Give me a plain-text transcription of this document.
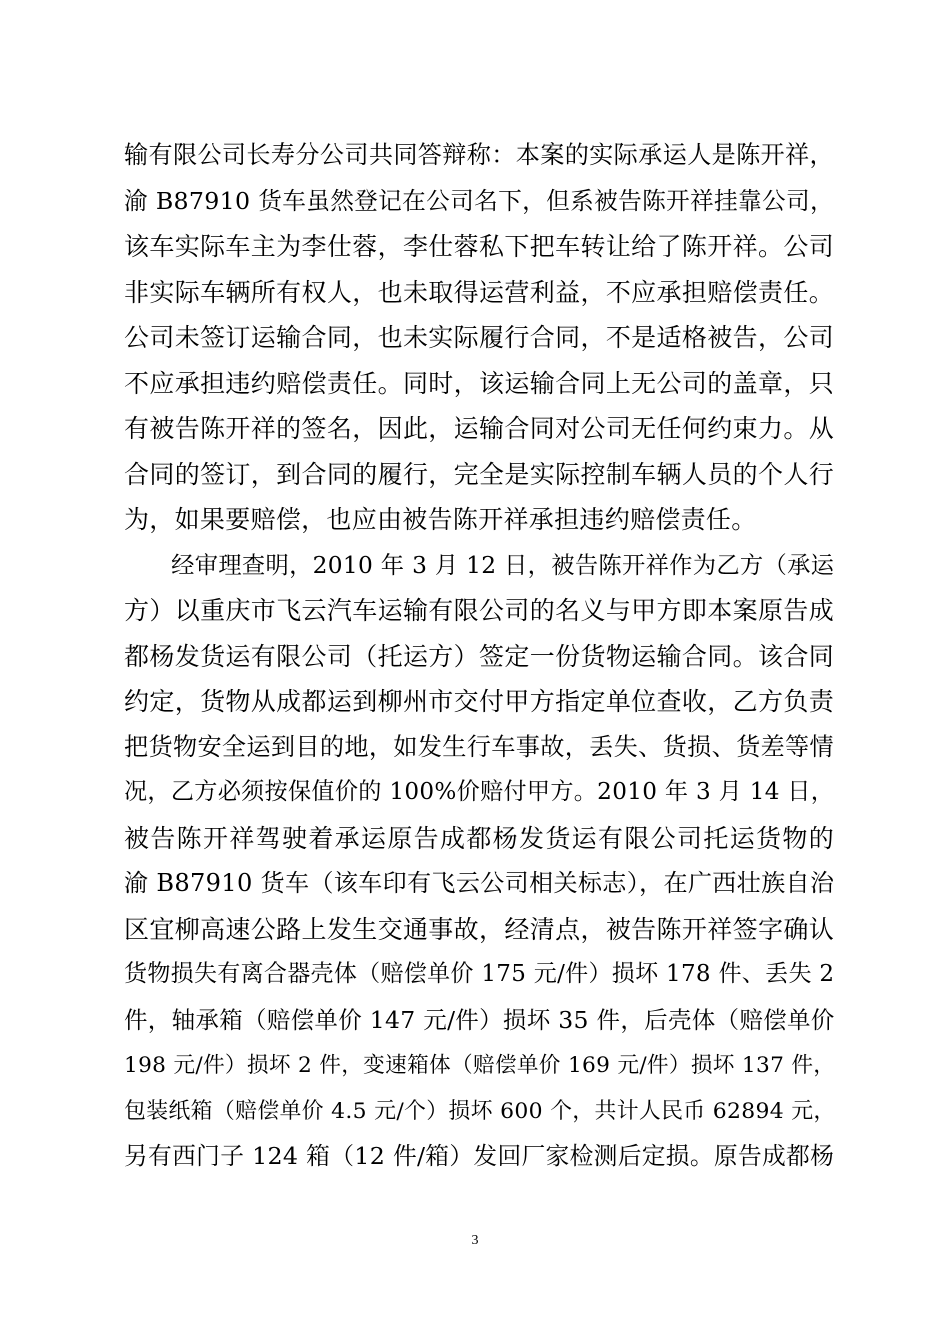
输有限公司长寿分公司共同答辩称：本案的实际承运人是陈开祥，
渝 B87910 货车虽然登记在公司名下，但系被告陈开祥挂靠公司，
该车实际车主为李仕蓉，李仕蓉私下把车转让给了陈开祥。公司
非实际车辆所有权人，也未取得运营利益，不应承担赔偿责任。
公司未签订运输合同，也未实际履行合同，不是适格被告，公司
不应承担违约赔偿责任。同时，该运输合同上无公司的盖章，只
有被告陈开祥的签名，因此，运输合同对公司无任何约束力。从
合同的签订，到合同的履行，完全是实际控制车辆人员的个人行
为，如果要赔偿，也应由被告陈开祥承担违约赔偿责任。
　　经审理查明，2010 年 3 月 12 日，被告陈开祥作为乙方（承运
方）以重庆市飞云汽车运输有限公司的名义与甲方即本案原告成
都杨发货运有限公司（托运方）签定一份货物运输合同。该合同
约定，货物从成都运到柳州市交付甲方指定单位查收，乙方负责
把货物安全运到目的地，如发生行车事故，丢失、货损、货差等情
况，乙方必须按保值价的 100%价赔付甲方。2010 年 3 月 14 日，
被告陈开祥驾驶着承运原告成都杨发货运有限公司托运货物的
渝 B87910 货车（该车印有飞云公司相关标志），在广西壮族自治
区宜柳高速公路上发生交通事故，经清点，被告陈开祥签字确认
货物损失有离合器壳体（赔偿单价 175 元/件）损坏 178 件、丢失 2
件，轴承箱（赔偿单价 147 元/件）损坏 35 件，后壳体（赔偿单价
198 元/件）损坏 2 件，变速箱体（赔偿单价 169 元/件）损坏 137 件，
包装纸箱（赔偿单价 4.5 元/个）损坏 600 个，共计人民币 62894 元，
另有西门子 124 箱（12 件/箱）发回厂家检测后定损。原告成都杨
3
